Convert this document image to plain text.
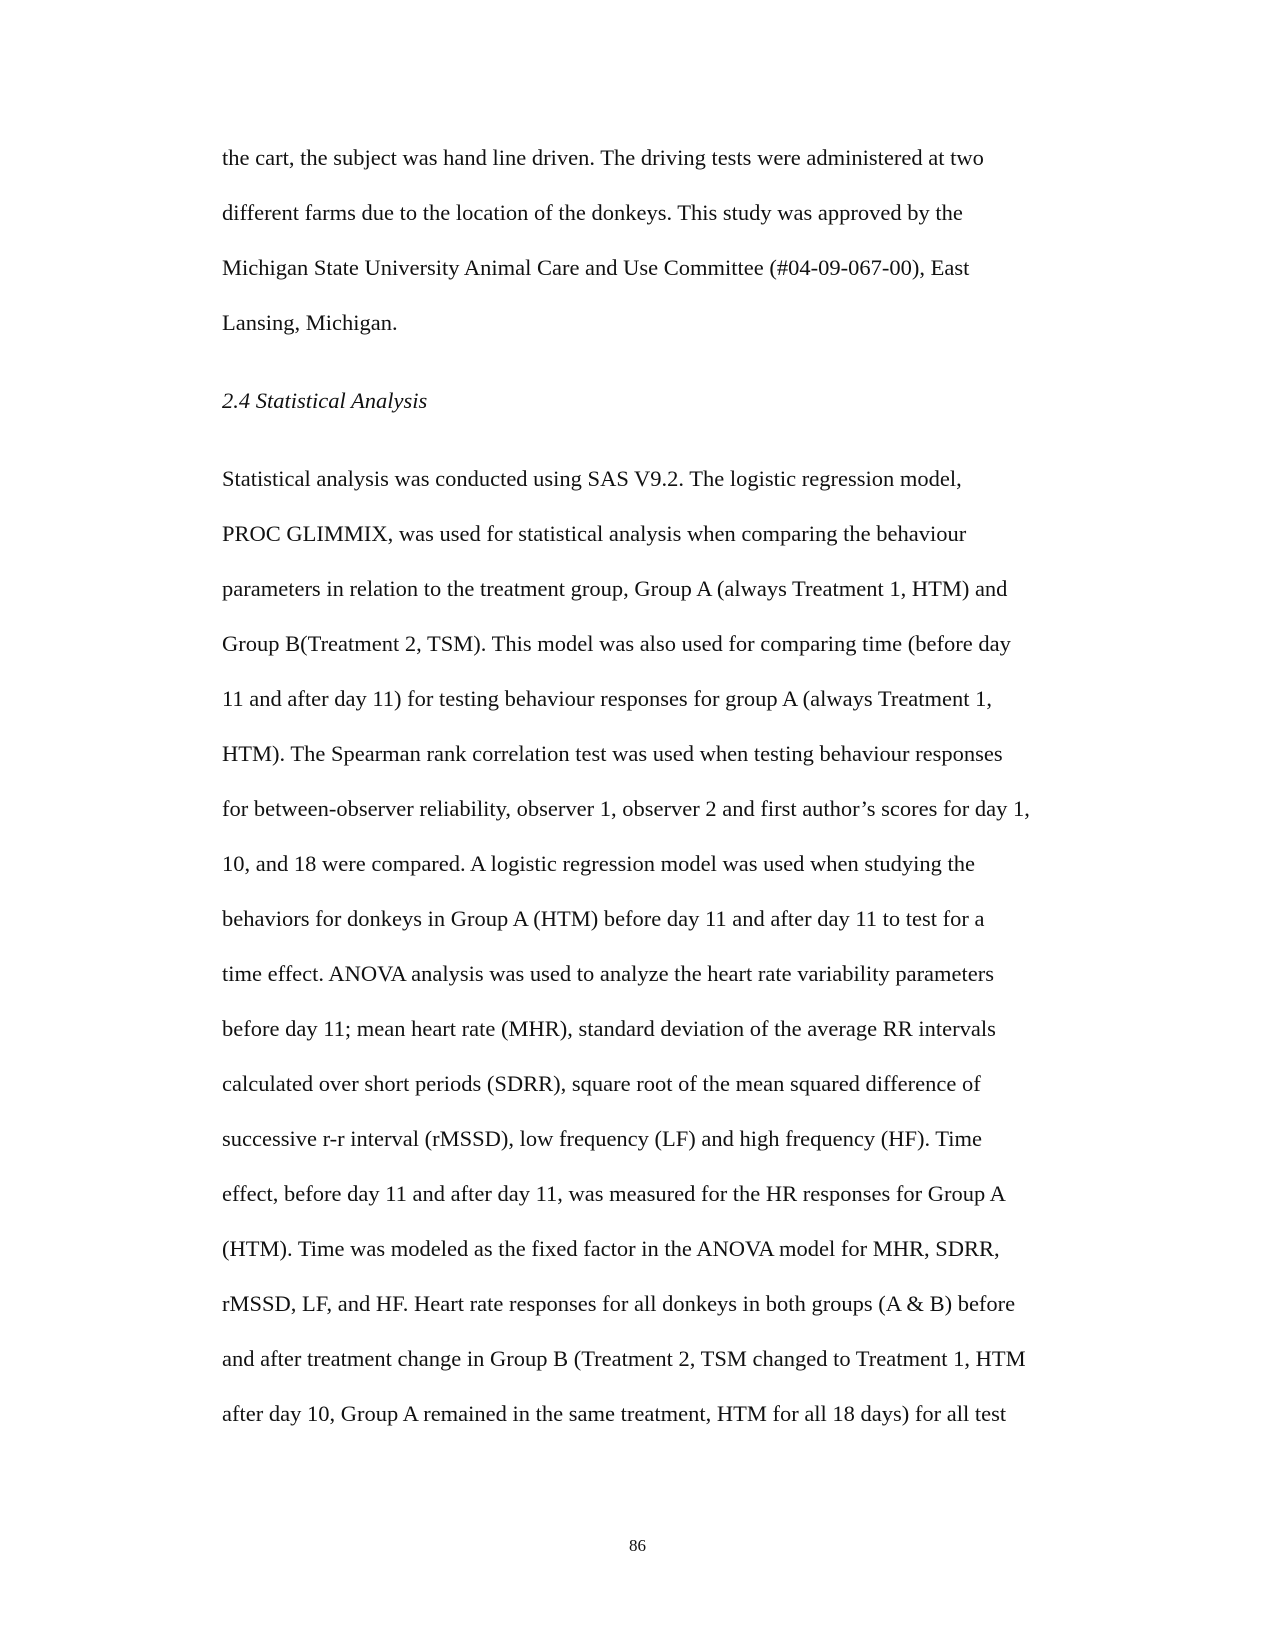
the cart, the subject was hand line driven. The driving tests were administered at two
different farms due to the location of the donkeys. This study was approved by the
Michigan State University Animal Care and Use Committee (#04-09-067-00), East
Lansing, Michigan.
2.4 Statistical Analysis
Statistical analysis was conducted using SAS V9.2. The logistic regression model,
PROC GLIMMIX, was used for statistical analysis when comparing the behaviour
parameters in relation to the treatment group, Group A (always Treatment 1, HTM) and
Group B(Treatment 2, TSM). This model was also used for comparing time (before day
11 and after day 11) for testing behaviour responses for group A (always Treatment 1,
HTM). The Spearman rank correlation test was used when testing behaviour responses
for between-observer reliability, observer 1, observer 2 and first author’s scores for day 1,
10, and 18 were compared. A logistic regression model was used when studying the
behaviors for donkeys in Group A (HTM) before day 11 and after day 11 to test for a
time effect. ANOVA analysis was used to analyze the heart rate variability parameters
before day 11; mean heart rate (MHR), standard deviation of the average RR intervals
calculated over short periods (SDRR), square root of the mean squared difference of
successive r-r interval (rMSSD), low frequency (LF) and high frequency (HF). Time
effect, before day 11 and after day 11, was measured for the HR responses for Group A
(HTM). Time was modeled as the fixed factor in the ANOVA model for MHR, SDRR,
rMSSD, LF, and HF. Heart rate responses for all donkeys in both groups (A & B) before
and after treatment change in Group B (Treatment 2, TSM changed to Treatment 1, HTM
after day 10, Group A remained in the same treatment, HTM for all 18 days) for all test
86
